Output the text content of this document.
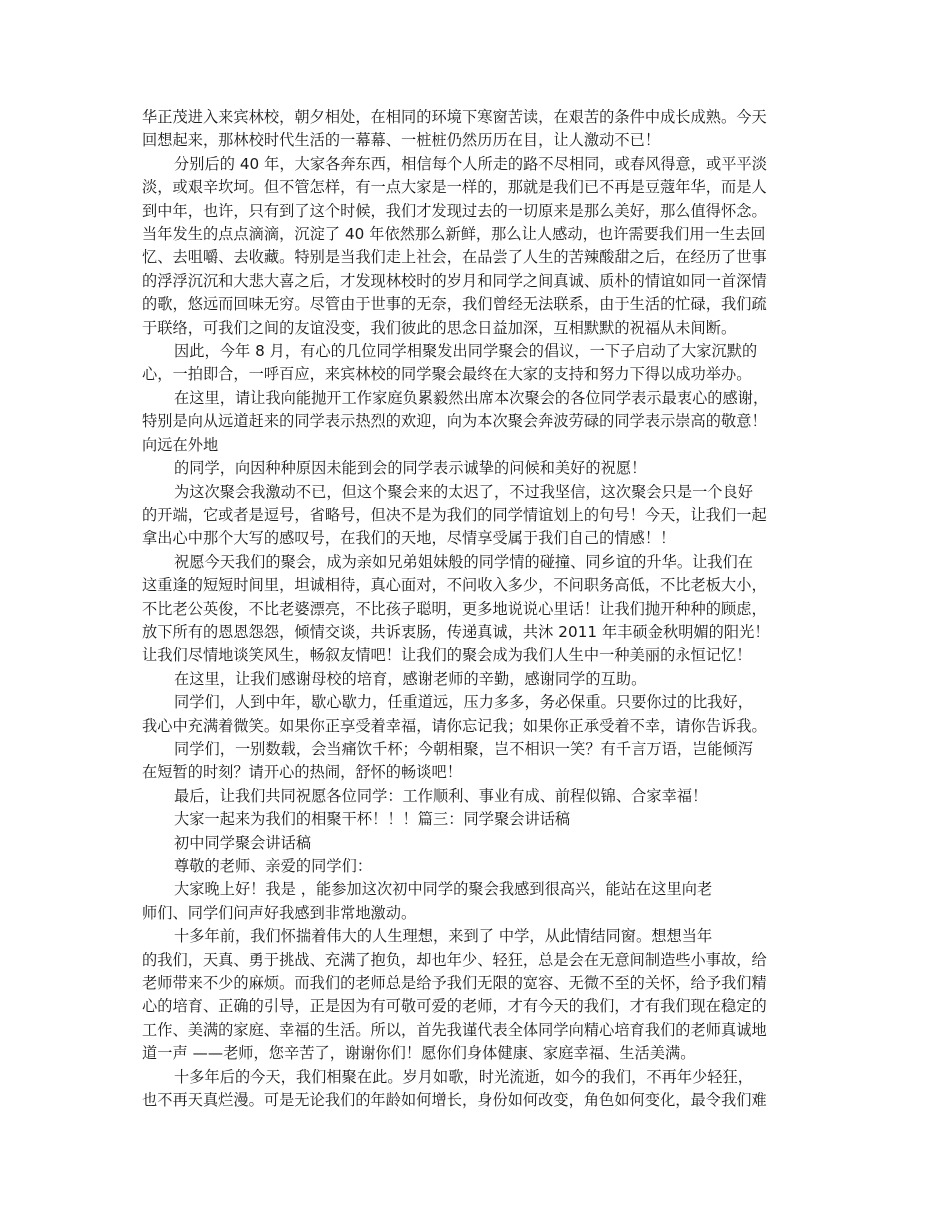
华正茂进入来宾林校，朝夕相处，在相同的环境下寒窗苦读，在艰苦的条件中成长成熟。今天

回想起来，那林校时代生活的一幕幕、一桩桩仍然历历在目，让人激动不已！

分别后的 40 年，大家各奔东西，相信每个人所走的路不尽相同，或春风得意，或平平淡

淡，或艰辛坎坷。但不管怎样，有一点大家是一样的，那就是我们已不再是豆蔻年华，而是人

到中年，也许，只有到了这个时候，我们才发现过去的一切原来是那么美好，那么值得怀念。

当年发生的点点滴滴，沉淀了 40 年依然那么新鲜，那么让人感动，也许需要我们用一生去回

忆、去咀嚼、去收藏。特别是当我们走上社会，在品尝了人生的苦辣酸甜之后，在经历了世事

的浮浮沉沉和大悲大喜之后，才发现林校时的岁月和同学之间真诚、质朴的情谊如同一首深情

的歌，悠远而回味无穷。尽管由于世事的无奈，我们曾经无法联系，由于生活的忙碌，我们疏

于联络，可我们之间的友谊没变，我们彼此的思念日益加深，互相默默的祝福从未间断。

因此，今年 8 月，有心的几位同学相聚发出同学聚会的倡议，一下子启动了大家沉默的

心，一拍即合，一呼百应，来宾林校的同学聚会最终在大家的支持和努力下得以成功举办。

在这里，请让我向能抛开工作家庭负累毅然出席本次聚会的各位同学表示最衷心的感谢，

特别是向从远道赶来的同学表示热烈的欢迎，向为本次聚会奔波劳碌的同学表示崇高的敬意！

向远在外地

的同学，向因种种原因未能到会的同学表示诚挚的问候和美好的祝愿！

为这次聚会我激动不已，但这个聚会来的太迟了，不过我坚信，这次聚会只是一个良好

的开端，它或者是逗号，省略号，但决不是为我们的同学情谊划上的句号！今天，让我们一起

拿出心中那个大写的感叹号，在我们的天地，尽情享受属于我们自己的情感！！

祝愿今天我们的聚会，成为亲如兄弟姐妹般的同学情的碰撞、同乡谊的升华。让我们在

这重逢的短短时间里，坦诚相待，真心面对，不问收入多少，不问职务高低，不比老板大小，

不比老公英俊，不比老婆漂亮，不比孩子聪明，更多地说说心里话！让我们抛开种种的顾虑，

放下所有的恩恩怨怨，倾情交谈，共诉衷肠，传递真诚，共沐 2011 年丰硕金秋明媚的阳光！

让我们尽情地谈笑风生，畅叙友情吧！让我们的聚会成为我们人生中一种美丽的永恒记忆！

在这里，让我们感谢母校的培育，感谢老师的辛勤，感谢同学的互助。

同学们，人到中年，歇心歇力，任重道远，压力多多，务必保重。只要你过的比我好，

我心中充满着微笑。如果你正享受着幸福，请你忘记我；如果你正承受着不幸，请你告诉我。

同学们，一别数载，会当痛饮千杯；今朝相聚，岂不相识一笑？有千言万语，岂能倾泻

在短暂的时刻？请开心的热闹，舒怀的畅谈吧！

最后，让我们共同祝愿各位同学：工作顺利、事业有成、前程似锦、合家幸福！

大家一起来为我们的相聚干杯！！！篇三：同学聚会讲话稿

初中同学聚会讲话稿

尊敬的老师、亲爱的同学们：

大家晚上好！我是 ，能参加这次初中同学的聚会我感到很高兴，能站在这里向老

师们、同学们问声好我感到非常地激动。

十多年前，我们怀揣着伟大的人生理想，来到了 中学，从此情结同窗。想想当年

的我们，天真、勇于挑战、充满了抱负，却也年少、轻狂，总是会在无意间制造些小事故，给

老师带来不少的麻烦。而我们的老师总是给予我们无限的宽容、无微不至的关怀，给予我们精

心的培育、正确的引导，正是因为有可敬可爱的老师，才有今天的我们，才有我们现在稳定的

工作、美满的家庭、幸福的生活。所以，首先我谨代表全体同学向精心培育我们的老师真诚地

道一声 ——老师，您辛苦了，谢谢你们！愿你们身体健康、家庭幸福、生活美满。

十多年后的今天，我们相聚在此。岁月如歌，时光流逝，如今的我们，不再年少轻狂，

也不再天真烂漫。可是无论我们的年龄如何增长，身份如何改变，角色如何变化，最令我们难
